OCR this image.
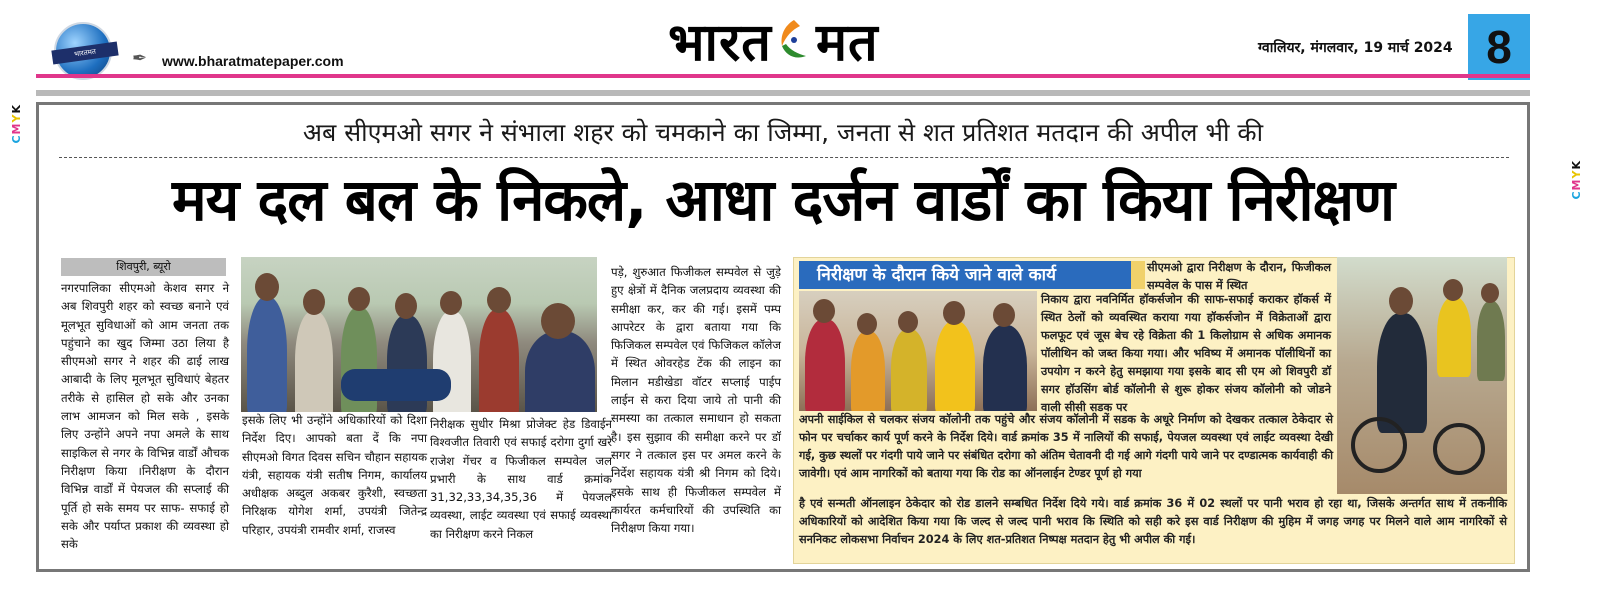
भारतमत	✒	www.bharatmatepaper.com	भारत मत	ग्वालियर, मंगलवार, 19 मार्च 2024 8
CMYK
CMYK
अब सीएमओ सगर ने संभाला शहर को चमकाने का जिम्मा, जनता से शत प्रतिशत मतदान की अपील भी की
मय दल बल के निकले, आधा दर्जन वार्डों का किया निरीक्षण
शिवपुरी, ब्यूरो
नगरपालिका सीएमओ केशव सगर ने अब शिवपुरी शहर को स्वच्छ बनाने एवं मूलभूत सुविधाओं को आम जनता तक पहुंचाने का खुद जिम्मा उठा लिया है सीएमओ सगर ने शहर की ढाई लाख आबादी के लिए मूलभूत सुविधाएं बेहतर तरीके से हासिल हो सके और उनका लाभ आमजन को मिल सके , इसके लिए उन्होंने अपने नपा अमले के साथ साइकिल से नगर के विभिन्न वार्डों औचक निरीक्षण किया ।निरीक्षण के दौरान विभिन्न वार्डों में पेयजल की सप्लाई की पूर्ति हो सके समय पर साफ- सफाई हो सके और पर्याप्त प्रकाश की व्यवस्था हो सके
इसके लिए भी उन्होंने अधिकारियों को दिशा निर्देश दिए। आपको बता दें कि नपा सीएमओ विगत दिवस सचिन चौहान सहायक यंत्री, सहायक यंत्री सतीष निगम, कार्यालय अधीक्षक अब्दुल अकबर कुरैशी, स्वच्छता निरिक्षक योगेश शर्मा, उपयंत्री जितेन्द्र परिहार, उपयंत्री रामवीर शर्मा, राजस्व
निरीक्षक सुधीर मिश्रा प्रोजेक्ट हेड डिवाईन विश्वजीत तिवारी एवं सफाई दरोगा दुर्गा खरे राजेश गेंचर व फिजीकल सम्पवेल जल प्रभारी के साथ वार्ड क्रमांक 31,32,33,34,35,36 में पेयजल व्यवस्था, लाईट व्यवस्था एवं सफाई व्यवस्था का निरीक्षण करने निकल
पड़े, शुरुआत फिजीकल सम्पवेल से जुड़े हुए क्षेत्रों में दैनिक जलप्रदाय व्यवस्था की समीक्षा कर, कर की गई। इसमें पम्प आपरेटर के द्वारा बताया गया कि फिजिकल सम्पवेल एवं फिजिकल कॉलेज में स्थित ओवरहेड टेंक की लाइन का मिलान मडीखेडा वॉटर सप्लाई पाईप लाईन से करा दिया जाये तो पानी की समस्या का तत्काल समाधान हो सकता है। इस सुझाव की समीक्षा करने पर डॉ सगर ने तत्काल इस पर अमल करने के निर्देश सहायक यंत्री श्री निगम को दिये। इसके साथ ही फिजीकल सम्पवेल में कार्यरत कर्मचारियों की उपस्थिति का निरीक्षण किया गया।
निरीक्षण के दौरान किये जाने वाले कार्य	सीएमओ द्वारा निरीक्षण के दौरान, फिजीकल सम्पवेल के पास में स्थित
निकाय द्वारा नवनिर्मित हॉकर्सजोन की साफ-सफाई कराकर हॉकर्स में स्थित ठेलों को व्यवस्थित कराया गया हॉकर्सजोन में विक्रेताओं द्वारा फलफूट एवं जूस बेच रहे विक्रेता की 1 किलोग्राम से अधिक अमानक पॉलीथिन को जब्त किया गया। और भविष्य में अमानक पॉलीथिनों का उपयोग न करने हेतु समझाया गया इसके बाद सी एम ओ शिवपुरी डॉ सगर हॉउसिंग बोर्ड कॉलोनी से शुरू होकर संजय कॉलोनी को जोडने वाली सीसी सडक पर
अपनी साईकिल से चलकर संजय कॉलोनी तक पहुंचे और संजय कॉलोनी में सडक के अधूरे निर्माण को देखकर तत्काल ठेकेदार से फोन पर चर्चाकर कार्य पूर्ण करने के निर्देश दिये। वार्ड क्रमांक 35 में नालियों की सफाई, पेयजल व्यवस्था एवं लाईट व्यवस्था देखी गई, कुछ स्थलों पर गंदगी पाये जाने पर संबंधित दरोगा को अंतिम चेतावनी दी गई आगे गंदगी पाये जाने पर दण्डात्मक कार्यवाही की जावेगी। एवं आम नागरिकों को बताया गया कि रोड का ऑनलाईन टेण्डर पूर्ण हो गया
है एवं सन्मती ऑनलाइन ठेकेदार को रोड डालने सम्बधित निर्देश दिये गये। वार्ड क्रमांक 36 में 02 स्थलों पर पानी भराव हो रहा था, जिसके अन्तर्गत साथ में तकनीकि अधिकारियों को आदेशित किया गया कि जल्द से जल्द पानी भराव कि स्थिति को सही करे इस वार्ड निरीक्षण की मुहिम में जगह जगह पर मिलने वाले आम नागरिकों से सननिकट लोकसभा निर्वाचन 2024 के लिए शत-प्रतिशत निष्पक्ष मतदान हेतु भी अपील की गई।
